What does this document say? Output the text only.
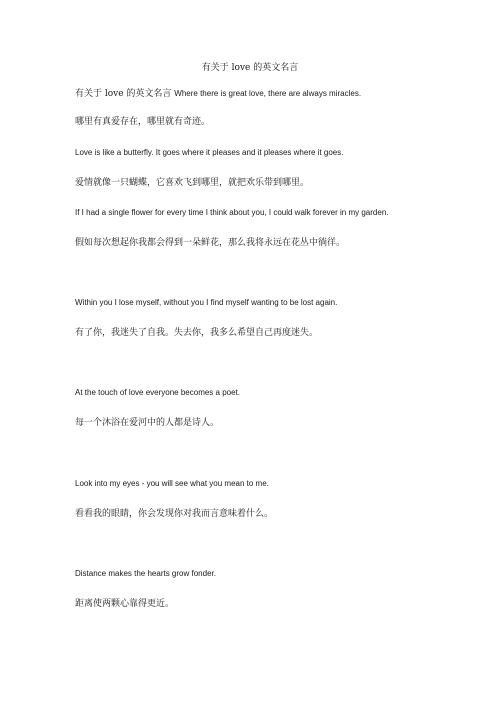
有关于 love 的英文名言
有关于 love 的英文名言 Where there is great love, there are always miracles.
哪里有真爱存在，哪里就有奇迹。
Love is like a butterfly. It goes where it pleases and it pleases where it goes.
爱情就像一只蝴蝶，它喜欢飞到哪里，就把欢乐带到哪里。
If I had a single flower for every time I think about you, I could walk forever in my garden.
假如每次想起你我都会得到一朵鲜花，那么我将永远在花丛中徜徉。
Within you I lose myself, without you I find myself wanting to be lost again.
有了你，我迷失了自我。失去你，我多么希望自己再度迷失。
At the touch of love everyone becomes a poet.
每一个沐浴在爱河中的人都是诗人。
Look into my eyes - you will see what you mean to me.
看看我的眼睛，你会发现你对我而言意味着什么。
Distance makes the hearts grow fonder.
距离使两颗心靠得更近。
